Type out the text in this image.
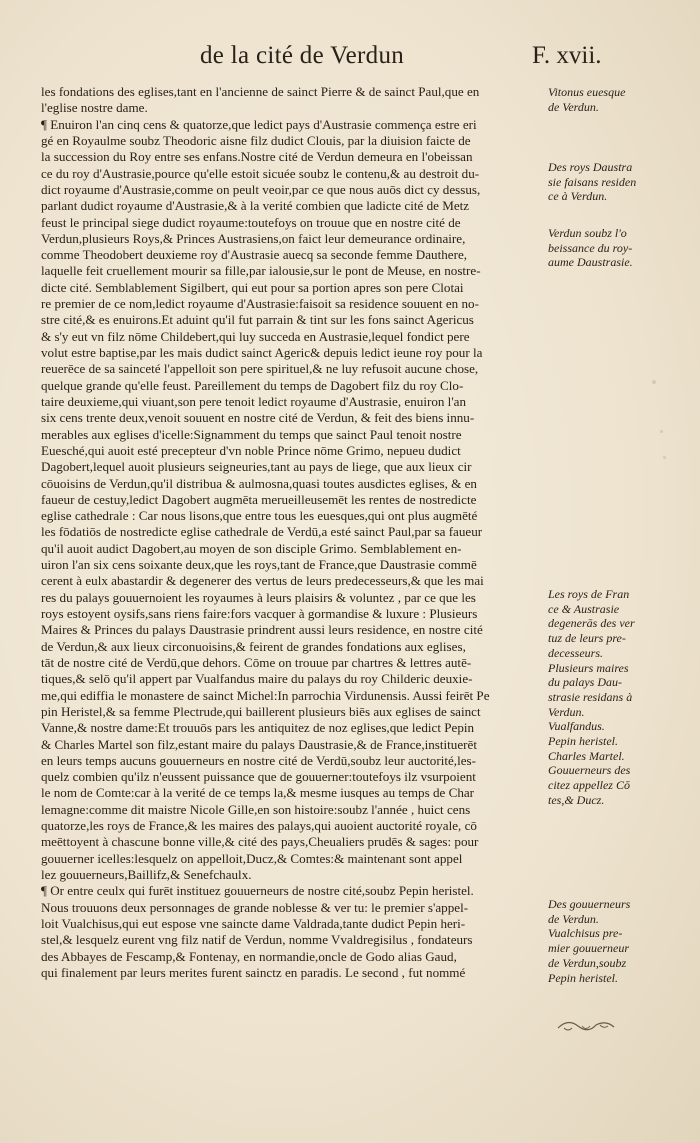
de la cité de Verdun	F. xvii.
les fondations des eglises,tant en l'ancienne de sainct Pierre & de sainct Paul,que en
l'eglise nostre dame.
¶ Enuiron l'an cinq cens & quatorze,que ledict pays d'Austrasie commença estre eri
gé en Royaulme soubz Theodoric aisne filz dudict Clouis, par la diuision faicte de
la succession du Roy entre ses enfans.Nostre cité de Verdun demeura en l'obeissan
ce du roy d'Austrasie,pource qu'elle estoit sicuée soubz le contenu,& au destroit du-
dict royaume d'Austrasie,comme on peult veoir,par ce que nous auōs dict cy dessus,
parlant dudict royaume d'Austrasie,& à la verité combien que ladicte cité de Metz
feust le principal siege dudict royaume:toutefoys on trouue que en nostre cité de
Verdun,plusieurs Roys,& Princes Austrasiens,on faict leur demeurance ordinaire,
comme Theodobert deuxieme roy d'Austrasie auecq sa seconde femme Dauthere,
laquelle feit cruellement mourir sa fille,par ialousie,sur le pont de Meuse, en nostre-
dicte cité. Semblablement Sigilbert, qui eut pour sa portion apres son pere Clotai
re premier de ce nom,ledict royaume d'Austrasie:faisoit sa residence souuent en no-
stre cité,& es enuirons.Et aduint qu'il fut parrain & tint sur les fons sainct Agericus
& s'y eut vn filz nōme Childebert,qui luy succeda en Austrasie,lequel fondict pere
volut estre baptise,par les mais dudict sainct Ageric& depuis ledict ieune roy pour la
reuerēce de sa sainceté l'appelloit son pere spirituel,& ne luy refusoit aucune chose,
quelque grande qu'elle feust. Pareillement du temps de Dagobert filz du roy Clo-
taire deuxieme,qui viuant,son pere tenoit ledict royaume d'Austrasie, enuiron l'an
six cens trente deux,venoit souuent en nostre cité de Verdun, & feit des biens innu-
merables aux eglises d'icelle:Signamment du temps que sainct Paul tenoit nostre
Euesché,qui auoit esté precepteur d'vn noble Prince nōme Grimo, nepueu dudict
Dagobert,lequel auoit plusieurs seigneuries,tant au pays de liege, que aux lieux cir
cōuoisins de Verdun,qu'il distribua & aulmosna,quasi toutes ausdictes eglises, & en
faueur de cestuy,ledict Dagobert augmēta merueilleusemēt les rentes de nostredicte
eglise cathedrale : Car nous lisons,que entre tous les euesques,qui ont plus augmēté
les fōdatiōs de nostredicte eglise cathedrale de Verdū,a esté sainct Paul,par sa faueur
qu'il auoit audict Dagobert,au moyen de son disciple Grimo. Semblablement en-
uiron l'an six cens soixante deux,que les roys,tant de France,que Daustrasie commē
cerent à eulx abastardir & degenerer des vertus de leurs predecesseurs,& que les mai
res du palays gouuernoient les royaumes à leurs plaisirs & voluntez , par ce que les
roys estoyent oysifs,sans riens faire:fors vacquer à gormandise & luxure : Plusieurs
Maires & Princes du palays Daustrasie prindrent aussi leurs residence, en nostre cité
de Verdun,& aux lieux circonuoisins,& feirent de grandes fondations aux eglises,
tāt de nostre cité de Verdū,que dehors. Cōme on trouue par chartres & lettres autē-
tiques,& selō qu'il appert par Vualfandus maire du palays du roy Childeric deuxie-
me,qui ediffia le monastere de sainct Michel:In parrochia Virdunensis. Aussi feirēt Pe
pin Heristel,& sa femme Plectrude,qui baillerent plusieurs biēs aux eglises de sainct
Vanne,& nostre dame:Et trouuōs pars les antiquitez de noz eglises,que ledict Pepin
& Charles Martel son filz,estant maire du palays Daustrasie,& de France,instituerēt
en leurs temps aucuns gouuerneurs en nostre cité de Verdū,soubz leur auctorité,les-
quelz combien qu'ilz n'eussent puissance que de gouuerner:toutefoys ilz vsurpoient
le nom de Comte:car à la verité de ce temps la,& mesme iusques au temps de Char
lemagne:comme dit maistre Nicole Gille,en son histoire:soubz l'année , huict cens
quatorze,les roys de France,& les maires des palays,qui auoient auctorité royale, cō
meēttoyent à chascune bonne ville,& cité des pays,Cheualiers prudēs & sages: pour
gouuerner icelles:lesquelz on appelloit,Ducz,& Comtes:& maintenant sont appel
lez gouuerneurs,Baillifz,& Senefchaulx.
¶ Or entre ceulx qui furēt instituez gouuerneurs de nostre cité,soubz Pepin heristel.
Nous trouuons deux personnages de grande noblesse & ver tu: le premier s'appel-
loit Vualchisus,qui eut espose vne saincte dame Valdrada,tante dudict Pepin heri-
stel,& lesquelz eurent vng filz natif de Verdun, nomme Vvaldregisilus , fondateurs
des Abbayes de Fescamp,& Fontenay, en normandie,oncle de Godo alias Gaud,
qui finalement par leurs merites furent sainctz en paradis. Le second , fut nommé
Vitonus euesque
de Verdun.
Des roys Daustra
sie faisans residen
ce à Verdun.
Verdun soubz l'o
beissance du roy-
aume Daustrasie.
Les roys de Fran
ce & Austrasie
degenerās des ver
tuz de leurs pre-
decesseurs.
Plusieurs maires
du palays Dau-
strasie residans à
Verdun.
Vualfandus.
Pepin heristel.
Charles Martel.
Gouuerneurs des
citez appellez Cō
tes,& Ducz.
Des gouuerneurs
de Verdun.
Vualchisus pre-
mier gouuerneur
de Verdun,soubz
Pepin heristel.
